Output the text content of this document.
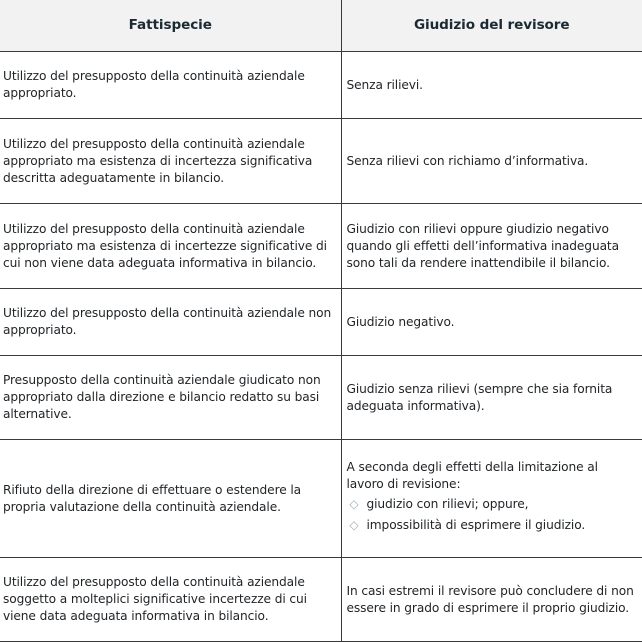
Fattispecie	Giudizio del revisore
Utilizzo del presupposto della continuità aziendale appropriato.	Senza rilievi.
Utilizzo del presupposto della continuità aziendale appropriato ma esistenza di incertezza significativa descritta adeguatamente in bilancio.	Senza rilievi con richiamo d’informativa.
Utilizzo del presupposto della continuità aziendale appropriato ma esistenza di incertezze significative di cui non viene data adeguata informativa in bilancio.	Giudizio con rilievi oppure giudizio negativo quando gli effetti dell’informativa inadeguata sono tali da rendere inattendibile il bilancio.
Utilizzo del presupposto della continuità aziendale non appropriato.	Giudizio negativo.
Presupposto della continuità aziendale giudicato non appropriato dalla direzione e bilancio redatto su basi alternative.	Giudizio senza rilievi (sempre che sia fornita adeguata informativa).
Rifiuto della direzione di effettuare o estendere la propria valutazione della continuità aziendale.	A seconda degli effetti della limitazione al lavoro di revisione:
◇ giudizio con rilievi; oppure,
◇ impossibilità di esprimere il giudizio.

Utilizzo del presupposto della continuità aziendale soggetto a molteplici significative incertezze di cui viene data adeguata informativa in bilancio.	In casi estremi il revisore può concludere di non essere in grado di esprimere il proprio giudizio.
